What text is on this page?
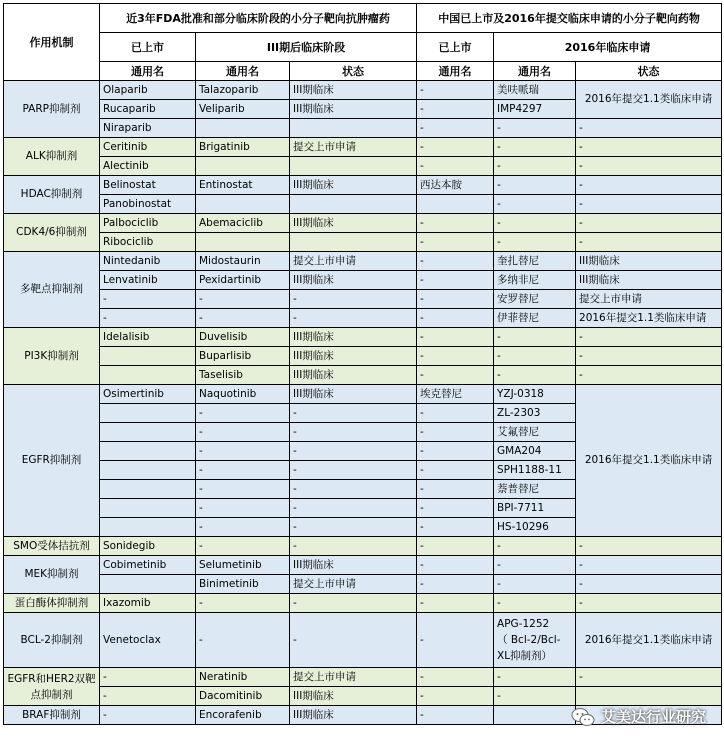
作用机制	近3年FDA批准和部分临床阶段的小分子靶向抗肿瘤药			中国已上市及2016年提交临床申请的小分子靶向药物		
	已上市	III期后临床阶段		已上市	2016年临床申请	
	通用名	通用名	状态	通用名	通用名	状态
PARP抑制剂	Olaparib	Talazoparib	III期临床	-	美呋哌瑞	2016年提交1.1类临床申请
	Rucaparib	Veliparib	III期临床	-	IMP4297	
	Niraparib			-	-	-
ALK抑制剂	Ceritinib	Brigatinib	提交上市申请	-	-	-
	Alectinib			-	-	-
HDAC抑制剂	Belinostat	Entinostat	III期临床	西达本胺	-	-
	Panobinostat				-	-
CDK4/6抑制剂	Palbociclib	Abemaciclib	III期临床	-	-	-
	Ribociclib			-	-	-
多靶点抑制剂	Nintedanib	Midostaurin	提交上市申请	-	奎扎替尼	III期临床
	Lenvatinib	Pexidartinib	III期临床	-	多纳非尼	III期临床
	-	-	-	-	安罗替尼	提交上市申请
	-	-	-	-	伊菲替尼	2016年提交1.1类临床申请
PI3K抑制剂	Idelalisib	Duvelisib	III期临床	-	-	-
		Buparlisib	III期临床	-	-	-
		Taselisib	III期临床	-	-	-
EGFR抑制剂	Osimertinib	Naquotinib	III期临床	埃克替尼	YZJ-0318	2016年提交1.1类临床申请
		-	-	-	ZL-2303	
		-	-	-	艾氟替尼	
		-	-	-	GMA204	
		-	-	-	SPH1188-11	
		-	-	-	萘普替尼	
		-	-	-	BPI-7711	
		-	-	-	HS-10296	
SMO受体拮抗剂	Sonidegib	-	-	-	-	-
MEK抑制剂	Cobimetinib	Selumetinib	III期临床	-	-	-
		Binimetinib	提交上市申请	-	-	-
蛋白酶体抑制剂	Ixazomib	-	-	-	-	-
BCL-2抑制剂	Venetoclax	-	-	-	APG-1252
（ Bcl-2/Bcl-XL抑制剂）	2016年提交1.1类临床申请
EGFR和HER2双靶点抑制剂	-	Neratinib	提交上市申请	-	-	-
	-	Dacomitinib	III期临床	-	-	
BRAF抑制剂	-	Encorafenib	III期临床	-			艾美达行业研究
